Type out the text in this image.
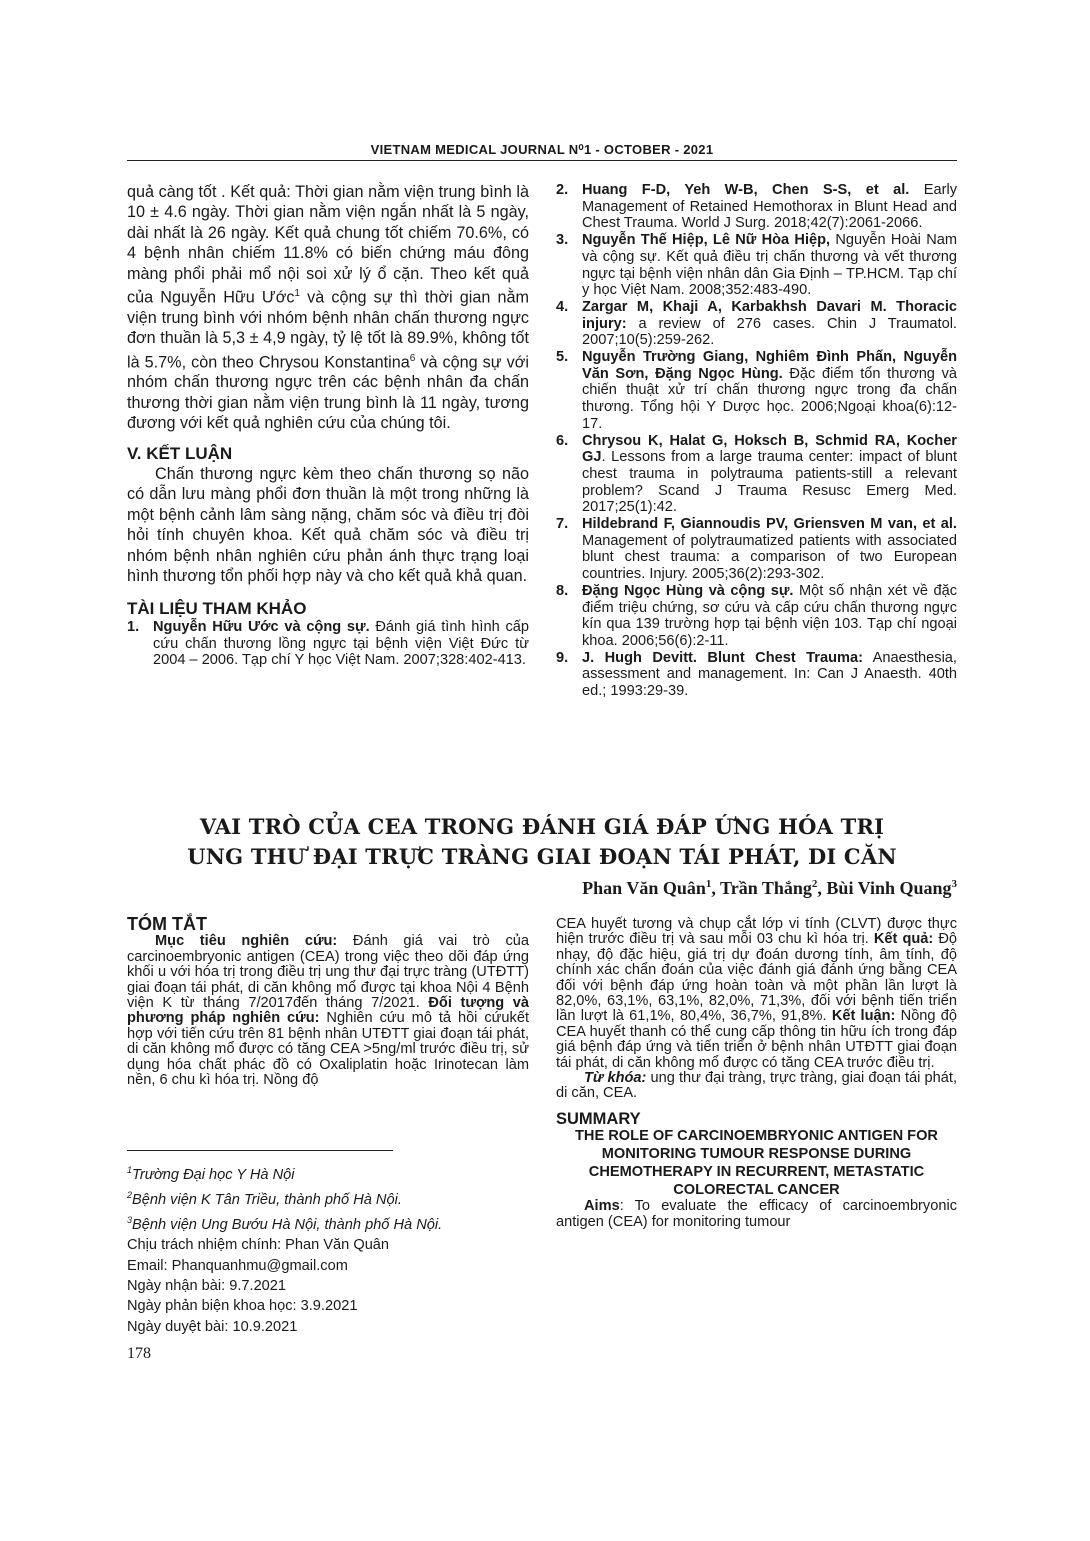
VIETNAM MEDICAL JOURNAL N⁰1 - OCTOBER - 2021

quả càng tốt . Kết quả: Thời gian nằm viện trung bình là 10 ± 4.6 ngày. Thời gian nằm viện ngắn nhất là 5 ngày, dài nhất là 26 ngày. Kết quả chung tốt chiếm 70.6%, có 4 bệnh nhân chiếm 11.8% có biến chứng máu đông màng phổi phải mổ nội soi xử lý ổ cặn. Theo kết quả của Nguyễn Hữu Ước$^1$ và cộng sự thì thời gian nằm viện trung bình với nhóm bệnh nhân chấn thương ngực đơn thuần là 5,3 ± 4,9 ngày, tỷ lệ tốt là 89.9%, không tốt là 5.7%, còn theo Chrysou Konstantina$^6$ và cộng sự với nhóm chấn thương ngực trên các bệnh nhân đa chấn thương thời gian nằm viện trung bình là 11 ngày, tương đương với kết quả nghiên cứu của chúng tôi.

V. KẾT LUẬN

Chấn thương ngực kèm theo chấn thương sọ não có dẫn lưu màng phổi đơn thuần là một trong những là một bệnh cảnh lâm sàng nặng, chăm sóc và điều trị đòi hỏi tính chuyên khoa. Kết quả chăm sóc và điều trị nhóm bệnh nhân nghiên cứu phản ánh thực trạng loại hình thương tổn phối hợp này và cho kết quả khả quan.

TÀI LIỆU THAM KHẢO

1. Nguyễn Hữu Ước và cộng sự. Đánh giá tình hình cấp cứu chấn thương lồng ngực tại bệnh viện Việt Đức từ 2004 – 2006. Tạp chí Y học Việt Nam. 2007;328:402-413.
2. Huang F-D, Yeh W-B, Chen S-S, et al. Early Management of Retained Hemothorax in Blunt Head and Chest Trauma. World J Surg. 2018;42(7):2061-2066.
3. Nguyễn Thế Hiệp, Lê Nữ Hòa Hiệp, Nguyễn Hoài Nam và cộng sự. Kết quả điều trị chấn thương và vết thương ngực tại bệnh viện nhân dân Gia Định – TP.HCM. Tạp chí y học Việt Nam. 2008;352:483-490.
4. Zargar M, Khaji A, Karbakhsh Davari M. Thoracic injury: a review of 276 cases. Chin J Traumatol. 2007;10(5):259-262.
5. Nguyễn Trường Giang, Nghiêm Đình Phấn, Nguyễn Văn Sơn, Đặng Ngọc Hùng. Đặc điểm tổn thương và chiến thuật xử trí chấn thương ngực trong đa chấn thương. Tổng hội Y Dược học. 2006;Ngoại khoa(6):12-17.
6. Chrysou K, Halat G, Hoksch B, Schmid RA, Kocher GJ. Lessons from a large trauma center: impact of blunt chest trauma in polytrauma patients-still a relevant problem? Scand J Trauma Resusc Emerg Med. 2017;25(1):42.
7. Hildebrand F, Giannoudis PV, Griensven M van, et al. Management of polytraumatized patients with associated blunt chest trauma: a comparison of two European countries. Injury. 2005;36(2):293-302.
8. Đặng Ngọc Hùng và cộng sự. Một số nhận xét về đặc điểm triệu chứng, sơ cứu và cấp cứu chấn thương ngực kín qua 139 trường hợp tại bệnh viện 103. Tạp chí ngoại khoa. 2006;56(6):2-11.
9. J. Hugh Devitt. Blunt Chest Trauma: Anaesthesia, assessment and management. In: Can J Anaesth. 40th ed.; 1993:29-39.
VAI TRÒ CỦA CEA TRONG ĐÁNH GIÁ ĐÁP ỨNG HÓA TRỊ
UNG THƯ ĐẠI TRỰC TRÀNG GIAI ĐOẠN TÁI PHÁT, DI CĂN
Phan Văn Quân$^1$, Trần Thắng$^2$, Bùi Vinh Quang$^3$

TÓM TẮT

Mục tiêu nghiên cứu: Đánh giá vai trò của carcinoembryonic antigen (CEA) trong việc theo dõi đáp ứng khối u với hóa trị trong điều trị ung thư đại trực tràng (UTĐTT) giai đoạn tái phát, di căn không mổ được tại khoa Nội 4 Bệnh viện K từ tháng 7/2017đến tháng 7/2021. Đối tượng và phương pháp nghiên cứu: Nghiên cứu mô tả hồi cứukết hợp với tiến cứu trên 81 bệnh nhân UTĐTT giai đoạn tái phát, di căn không mổ được có tăng CEA >5ng/ml trước điều trị, sử dụng hóa chất phác đồ có Oxaliplatin hoặc Irinotecan làm nền, 6 chu kì hóa trị. Nồng độ

$^1$Trường Đại học Y Hà Nội
$^2$Bệnh viện K Tân Triều, thành phố Hà Nội.
$^3$Bệnh viện Ung Bướu Hà Nội, thành phố Hà Nội.
Chịu trách nhiệm chính: Phan Văn Quân
Email: Phanquanhmu@gmail.com
Ngày nhận bài: 9.7.2021
Ngày phản biện khoa học: 3.9.2021
Ngày duyệt bài: 10.9.2021
178

CEA huyết tương và chụp cắt lớp vi tính (CLVT) được thực hiện trước điều trị và sau mỗi 03 chu kì hóa trị. Kết quả: Độ nhạy, độ đặc hiệu, giá trị dự đoán dương tính, âm tính, độ chính xác chẩn đoán của việc đánh giá đánh ứng bằng CEA đối với bệnh đáp ứng hoàn toàn và một phần lần lượt là 82,0%, 63,1%, 63,1%, 82,0%, 71,3%, đối với bệnh tiến triển lần lượt là 61,1%, 80,4%, 36,7%, 91,8%. Kết luận: Nồng độ CEA huyết thanh có thể cung cấp thông tin hữu ích trong đáp giá bệnh đáp ứng và tiến triển ở bệnh nhân UTĐTT giai đoạn tái phát, di căn không mổ được có tăng CEA trước điều trị.

Từ khóa: ung thư đại tràng, trực tràng, giai đoạn tái phát, di căn, CEA.

SUMMARY

THE ROLE OF CARCINOEMBRYONIC ANTIGEN FOR MONITORING TUMOUR RESPONSE DURING CHEMOTHERAPY IN RECURRENT, METASTATIC COLORECTAL CANCER

Aims: To evaluate the efficacy of carcinoembryonic antigen (CEA) for monitoring tumour
